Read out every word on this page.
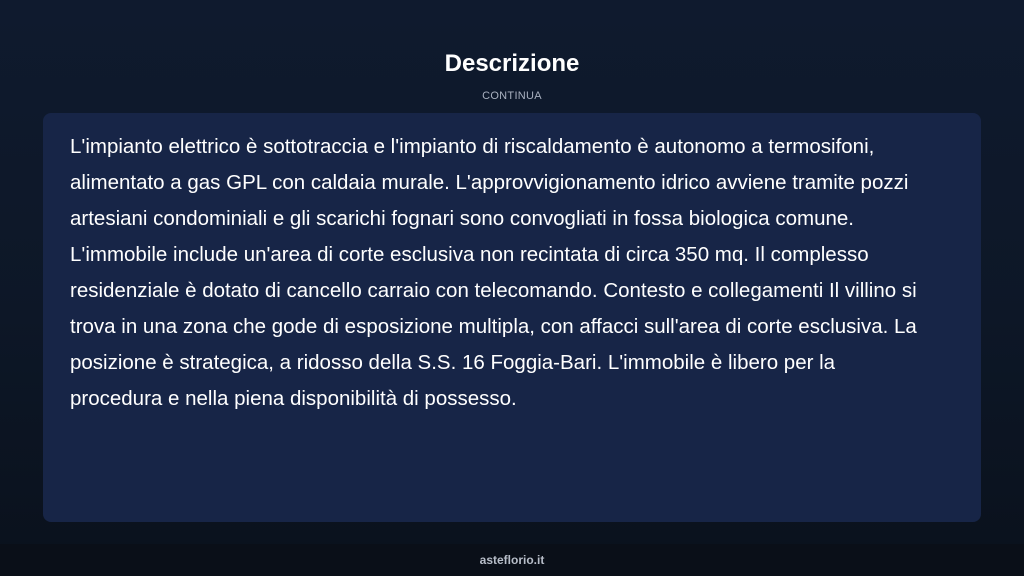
Descrizione
CONTINUA

L'impianto elettrico è sottotraccia e l'impianto di riscaldamento è autonomo a termosifoni, alimentato a gas GPL con caldaia murale. L'approvvigionamento idrico avviene tramite pozzi artesiani condominiali e gli scarichi fognari sono convogliati in fossa biologica comune. L'immobile include un'area di corte esclusiva non recintata di circa 350 mq. Il complesso residenziale è dotato di cancello carraio con telecomando. Contesto e collegamenti Il villino si trova in una zona che gode di esposizione multipla, con affacci sull'area di corte esclusiva. La posizione è strategica, a ridosso della S.S. 16 Foggia-Bari. L'immobile è libero per la procedura e nella piena disponibilità di possesso.

asteflorio.it
